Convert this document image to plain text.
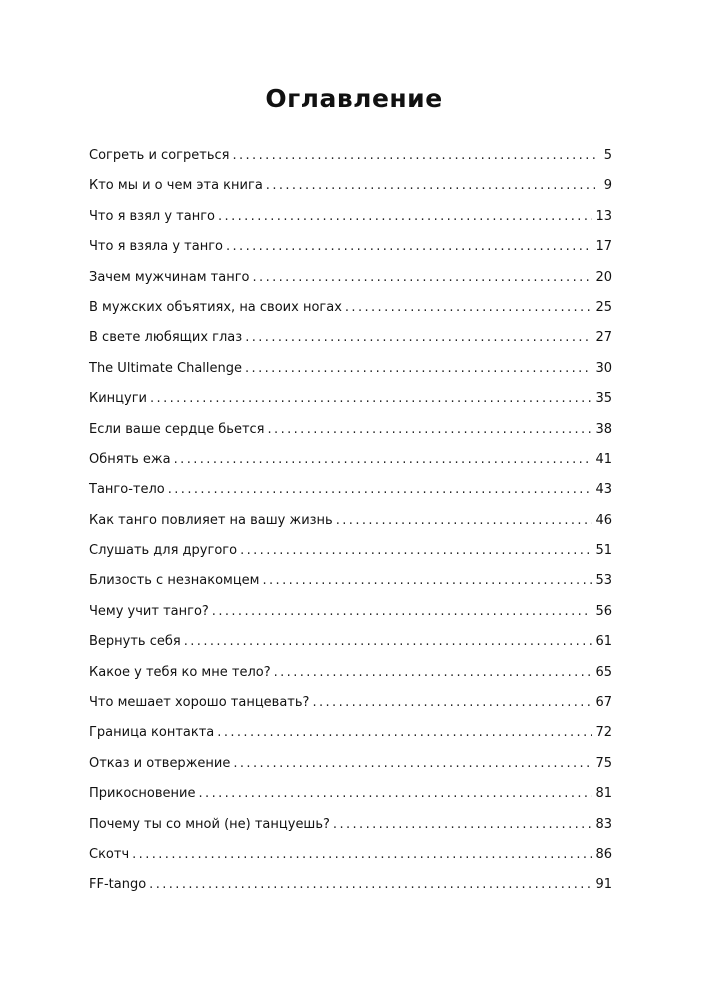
Оглавление
Согреть и согреться .....	5
Кто мы и о чем эта книга .....	9
Что я взял у танго .....	13
Что я взяла у танго .....	17
Зачем мужчинам танго .....	20
В мужских объятиях, на своих ногах .....	25
В свете любящих глаз .....	27
The Ultimate Challenge .....	30
Кинцуги .....	35
Если ваше сердце бьется .....	38
Обнять ежа .....	41
Танго-тело .....	43
Как танго повлияет на вашу жизнь .....	46
Слушать для другого .....	51
Близость с незнакомцем .....	53
Чему учит танго? .....	56
Вернуть себя .....	61
Какое у тебя ко мне тело? .....	65
Что мешает хорошо танцевать? .....	67
Граница контакта .....	72
Отказ и отвержение .....	75
Прикосновение .....	81
Почему ты со мной (не) танцуешь? .....	83
Скотч .....	86
FF-tango .....	91
